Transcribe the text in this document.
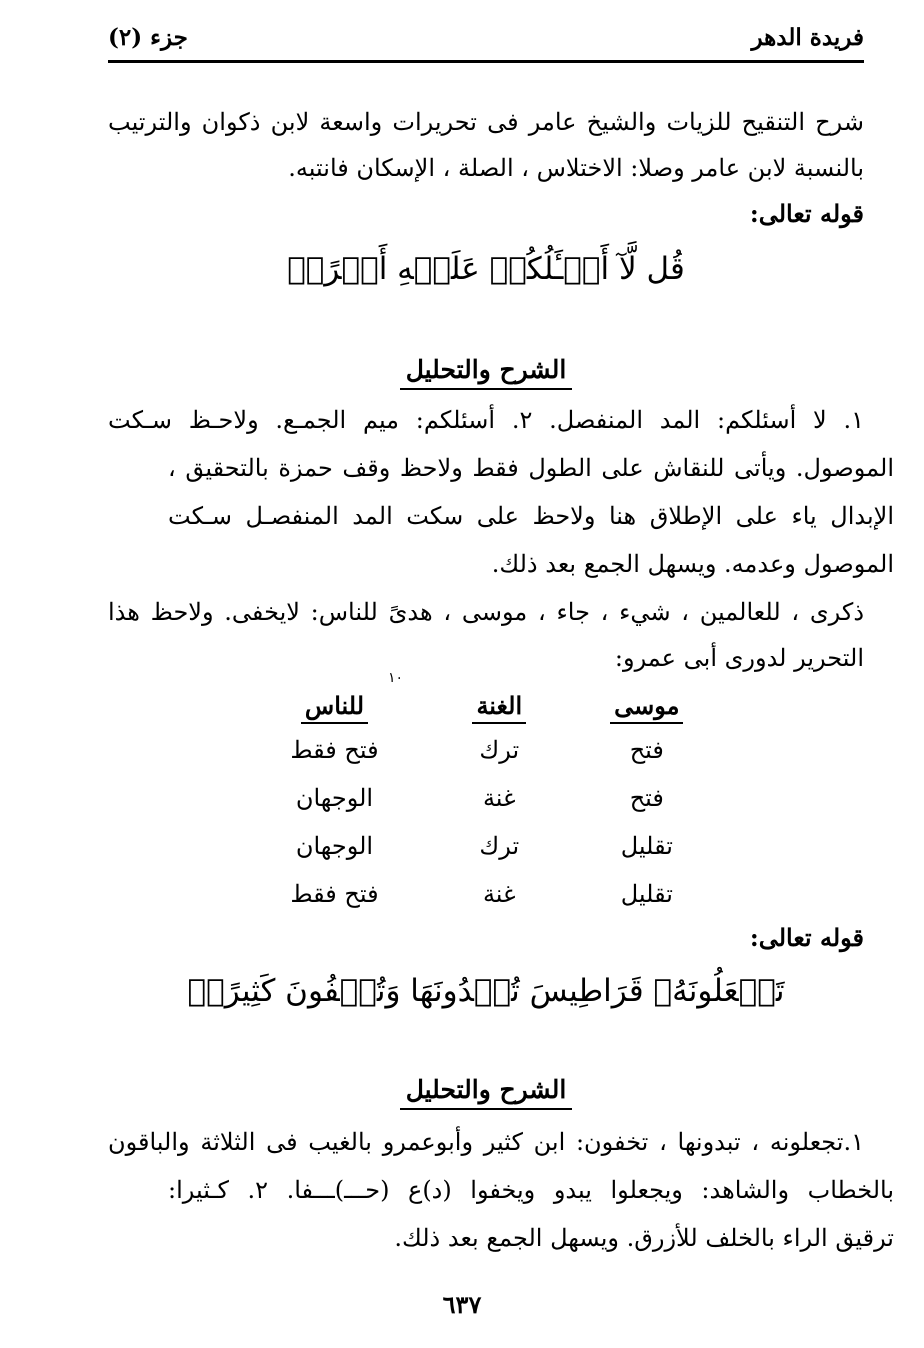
فريدة الدهر
جزء (٢)
شرح التنقيح للزيات والشيخ عامر فى تحريرات واسعة لابن ذكوان والترتيب
بالنسبة لابن عامر وصلا: الاختلاس ، الصلة ، الإسكان فانتبه.
قوله تعالى:
قُل لَّآ أَسۡـَٔلُكُمۡ عَلَيۡهِ أَجۡرًاۖ
الشرح والتحليل
١. لا أسئلكم: المد المنفصل. ٢. أسئلكم: ميم الجمـع. ولاحـظ سـكت
الموصول. ويأتى للنقاش على الطول فقط ولاحظ وقف حمزة بالتحقيق ،
الإبدال ياء على الإطلاق هنا ولاحظ على سكت المد المنفصـل سـكت
الموصول وعدمه. ويسهل الجمع بعد ذلك.
ذكرى ، للعالمين ، شيء ، جاء ، موسى ، هدىً للناس: لايخفى. ولاحظ هذا
التحرير لدورى أبى عمرو:
١٠
موسى	الغنة	للناس
فتح	ترك	فتح فقط
فتح	غنة	الوجهان
تقليل	ترك	الوجهان
تقليل	غنة	فتح فقط
قوله تعالى:
تَجۡعَلُونَهُۥ قَرَاطِيسَ تُبۡدُونَهَا وَتُخۡفُونَ كَثِيرًاۖ
الشرح والتحليل
١.تجعلونه ، تبدونها ، تخفون: ابن كثير وأبوعمرو بالغيب فى الثلاثة والباقون
بالخطاب والشاهد: ويجعلوا يبدو ويخفوا (د)ع (حـــ)ـــفا. ٢. كـثيرا:
ترقيق الراء بالخلف للأزرق. ويسهل الجمع بعد ذلك.
٦٣٧
